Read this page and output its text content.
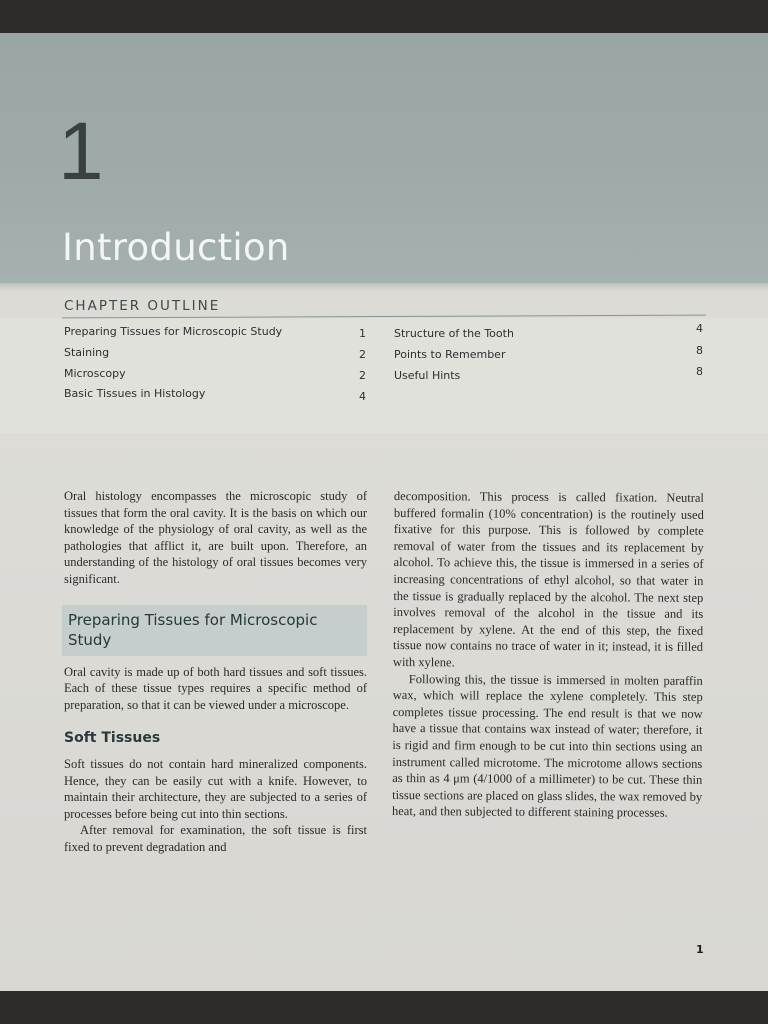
1
Introduction
CHAPTER OUTLINE
Preparing Tissues for Microscopic Study	1
Staining	2
Microscopy	2
Basic Tissues in Histology	4
Structure of the Tooth	4
Points to Remember	8
Useful Hints	8

Oral histology encompasses the microscopic study of tissues that form the oral cavity. It is the basis on which our knowledge of the physiology of oral cavity, as well as the pathologies that afflict it, are built upon. Therefore, an understanding of the histology of oral tissues becomes very significant.

Preparing Tissues for Microscopic Study

Oral cavity is made up of both hard tissues and soft tissues. Each of these tissue types requires a specific method of preparation, so that it can be viewed under a microscope.

Soft Tissues

Soft tissues do not contain hard mineralized components. Hence, they can be easily cut with a knife. However, to maintain their architecture, they are subjected to a series of processes before being cut into thin sections.

After removal for examination, the soft tissue is first fixed to prevent degradation and

decomposition. This process is called fixation. Neutral buffered formalin (10% concentration) is the routinely used fixative for this purpose. This is followed by complete removal of water from the tissues and its replacement by alcohol. To achieve this, the tissue is immersed in a series of increasing concentrations of ethyl alcohol, so that water in the tissue is gradually replaced by the alcohol. The next step involves removal of the alcohol in the tissue and its replacement by xylene. At the end of this step, the fixed tissue now contains no trace of water in it; instead, it is filled with xylene.

Following this, the tissue is immersed in molten paraffin wax, which will replace the xylene completely. This step completes tissue processing. The end result is that we now have a tissue that contains wax instead of water; therefore, it is rigid and firm enough to be cut into thin sections using an instrument called microtome. The microtome allows sections as thin as 4 μm (4/1000 of a millimeter) to be cut. These thin tissue sections are placed on glass slides, the wax removed by heat, and then subjected to different staining processes.

1
